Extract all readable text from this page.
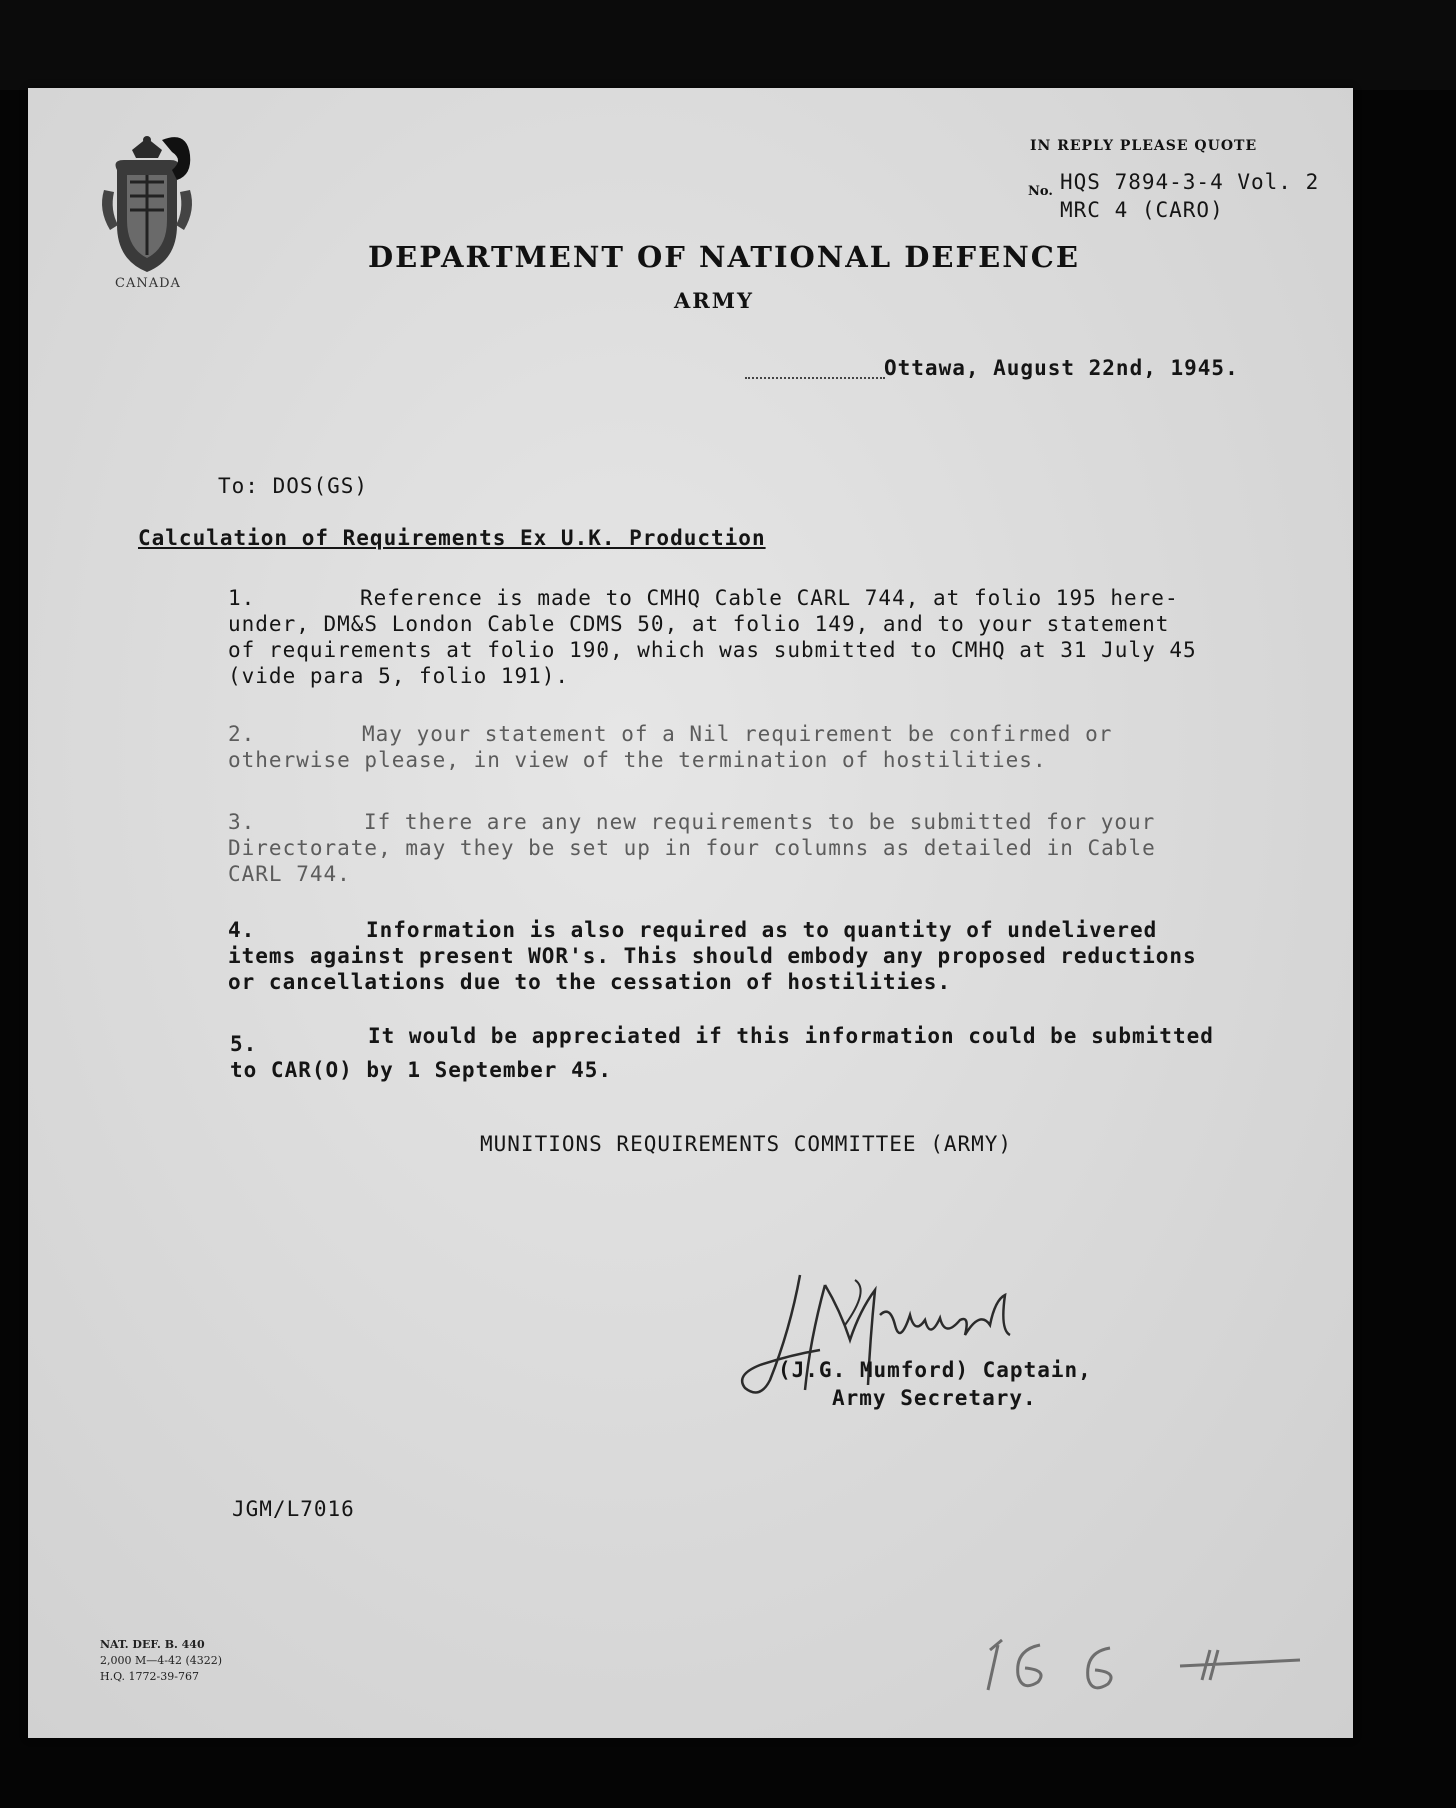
CANADA
IN REPLY PLEASE QUOTE
No. HQS 7894-3-4 Vol. 2
MRC 4 (CARO)
DEPARTMENT OF NATIONAL DEFENCE
ARMY
Ottawa, August 22nd, 1945.
To: DOS(GS)
Calculation of Requirements Ex U.K. Production
1.	Reference is made to CMHQ Cable CARL 744, at folio 195 here-
under, DM&S London Cable CDMS 50, at folio 149, and to your statement
of requirements at folio 190, which was submitted to CMHQ at 31 July 45
(vide para 5, folio 191).
2.	May your statement of a Nil requirement be confirmed or
otherwise please, in view of the termination of hostilities.
3.	If there are any new requirements to be submitted for your
Directorate, may they be set up in four columns as detailed in Cable
CARL 744.
4.	Information is also required as to quantity of undelivered
items against present WOR's. This should embody any proposed reductions
or cancellations due to the cessation of hostilities.
5.	It would be appreciated if this information could be submitted
to CAR(O) by 1 September 45.
MUNITIONS REQUIREMENTS COMMITTEE (ARMY)
(J.G. Mumford) Captain,
Army Secretary.
JGM/L7016
NAT. DEF. B. 440
2,000 M—4-42 (4322)
H.Q. 1772-39-767
